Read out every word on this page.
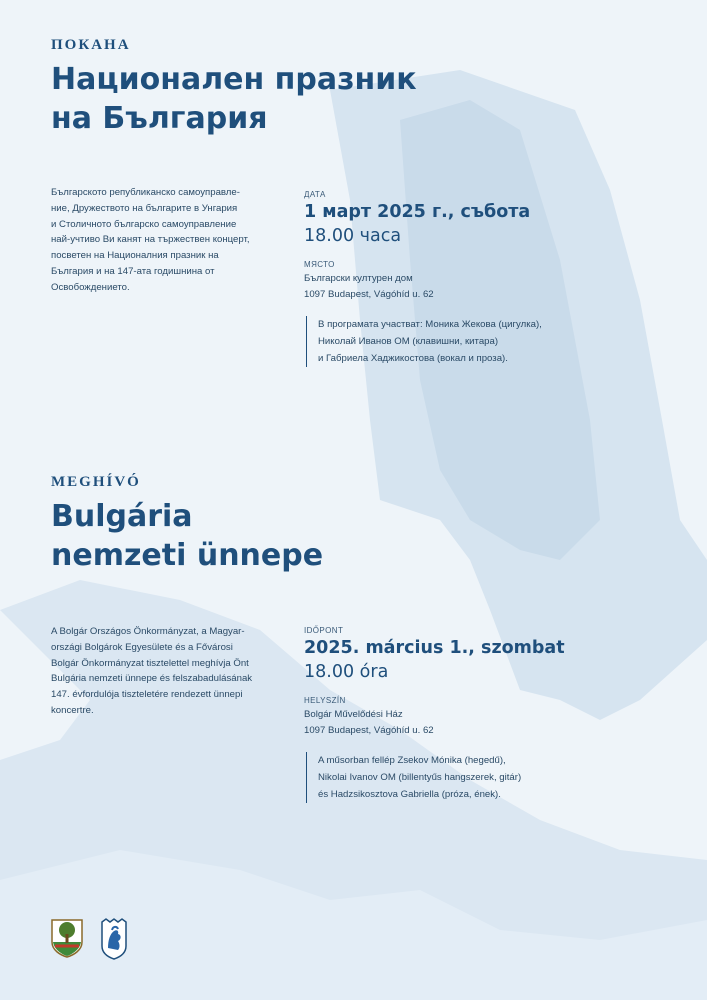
ПОКАНА

Национален празник
на България
Българското републиканско самоуправле-
ние, Дружеството на българите в Унгария
и Столичното българско самоуправление
най-учтиво Ви канят на тържествен концерт,
посветен на Националния празник на
България и на 147-ата годишнина от
Освобождението.
ДАТА
1 март 2025 г., събота
18.00 часа
МЯСТО
Български културен дом
1097 Budapest, Vágóhíd u. 62
В програмата участват: Моника Жекова (цигулка),
Николай Иванов ОМ (клавишни, китара)
и Габриела Хаджикостова (вокал и проза).

MEGHÍVÓ

Bulgária
nemzeti ünnepe
A Bolgár Országos Önkormányzat, a Magyar-
országi Bolgárok Egyesülete és a Fővárosi
Bolgár Önkormányzat tisztelettel meghívja Önt
Bulgária nemzeti ünnepe és felszabadulásának
147. évfordulója tiszteletére rendezett ünnepi
koncertre.
IDŐPONT
2025. március 1., szombat
18.00 óra
HELYSZÍN
Bolgár Művelődési Ház
1097 Budapest, Vágóhíd u. 62
A műsorban fellép Zsekov Mónika (hegedű),
Nikolai Ivanov OM (billentyűs hangszerek, gitár)
és Hadzsikosztova Gabriella (próza, ének).
